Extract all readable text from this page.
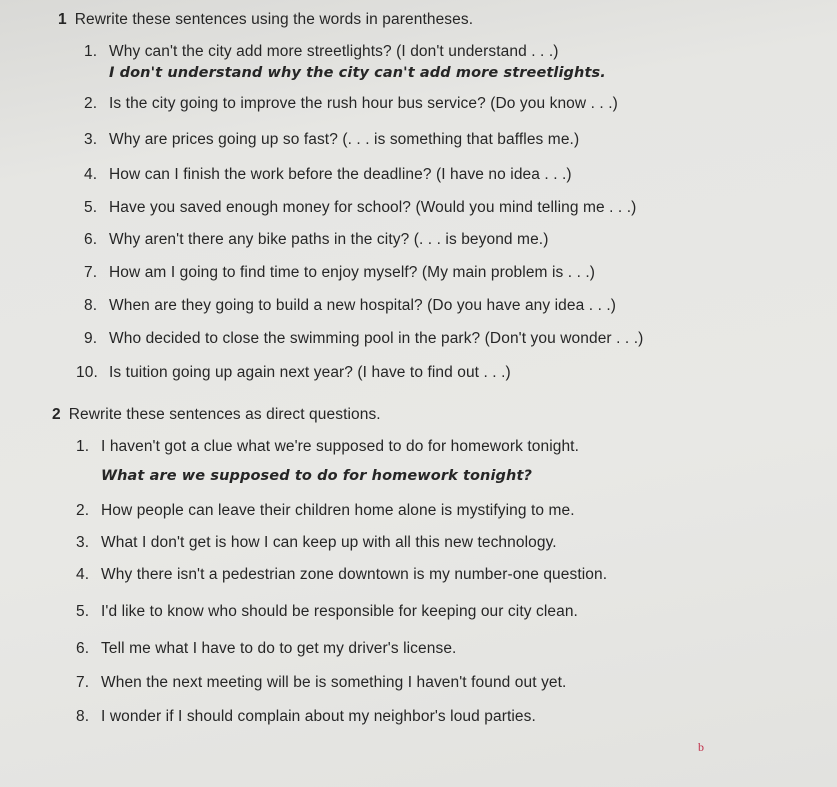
1 Rewrite these sentences using the words in parentheses.
1. Why can't the city add more streetlights? (I don't understand . . .)
I don't understand why the city can't add more streetlights.
2. Is the city going to improve the rush hour bus service? (Do you know . . .)
3. Why are prices going up so fast? (. . . is something that baffles me.)
4. How can I finish the work before the deadline? (I have no idea . . .)
5. Have you saved enough money for school? (Would you mind telling me . . .)
6. Why aren't there any bike paths in the city? (. . . is beyond me.)
7. How am I going to find time to enjoy myself? (My main problem is . . .)
8. When are they going to build a new hospital? (Do you have any idea . . .)
9. Who decided to close the swimming pool in the park? (Don't you wonder . . .)
10. Is tuition going up again next year? (I have to find out . . .)
2 Rewrite these sentences as direct questions.
1. I haven't got a clue what we're supposed to do for homework tonight.
What are we supposed to do for homework tonight?
2. How people can leave their children home alone is mystifying to me.
3. What I don't get is how I can keep up with all this new technology.
4. Why there isn't a pedestrian zone downtown is my number-one question.
5. I'd like to know who should be responsible for keeping our city clean.
6. Tell me what I have to do to get my driver's license.
7. When the next meeting will be is something I haven't found out yet.
8. I wonder if I should complain about my neighbor's loud parties.
b
